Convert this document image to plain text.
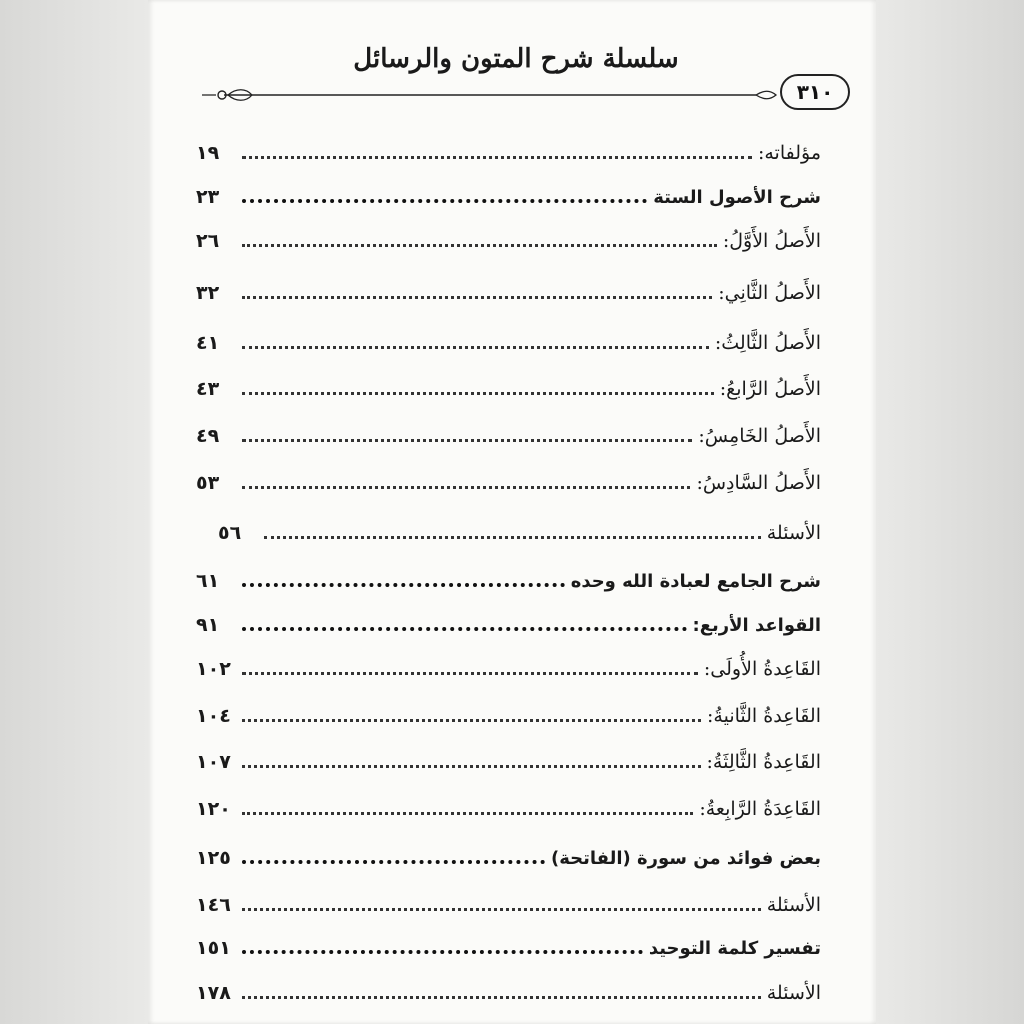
سلسلة شرح المتون والرسائل
٣١٠
مؤلفاته:
١٩
شرح الأصول الستة
٢٣
الأَصلُ الأَوَّلُ:
٢٦
الأَصلُ الثَّانِي:
٣٢
الأَصلُ الثَّالِثُ:
٤١
الأَصلُ الرَّابعُ:
٤٣
الأَصلُ الخَامِسُ:
٤٩
الأَصلُ السَّادِسُ:
٥٣
الأسئلة
٥٦
شرح الجامع لعبادة الله وحده
٦١
القواعد الأربع:
٩١
القَاعِدةُ الأُولَى:
١٠٢
القَاعِدةُ الثَّانيةُ:
١٠٤
القَاعِدةُ الثَّالِثَةُ:
١٠٧
القَاعِدَةُ الرَّابِعةُ:
١٢٠
بعض فوائد من سورة (الفاتحة)
١٢٥
الأسئلة
١٤٦
تفسير كلمة التوحيد
١٥١
الأسئلة
١٧٨
